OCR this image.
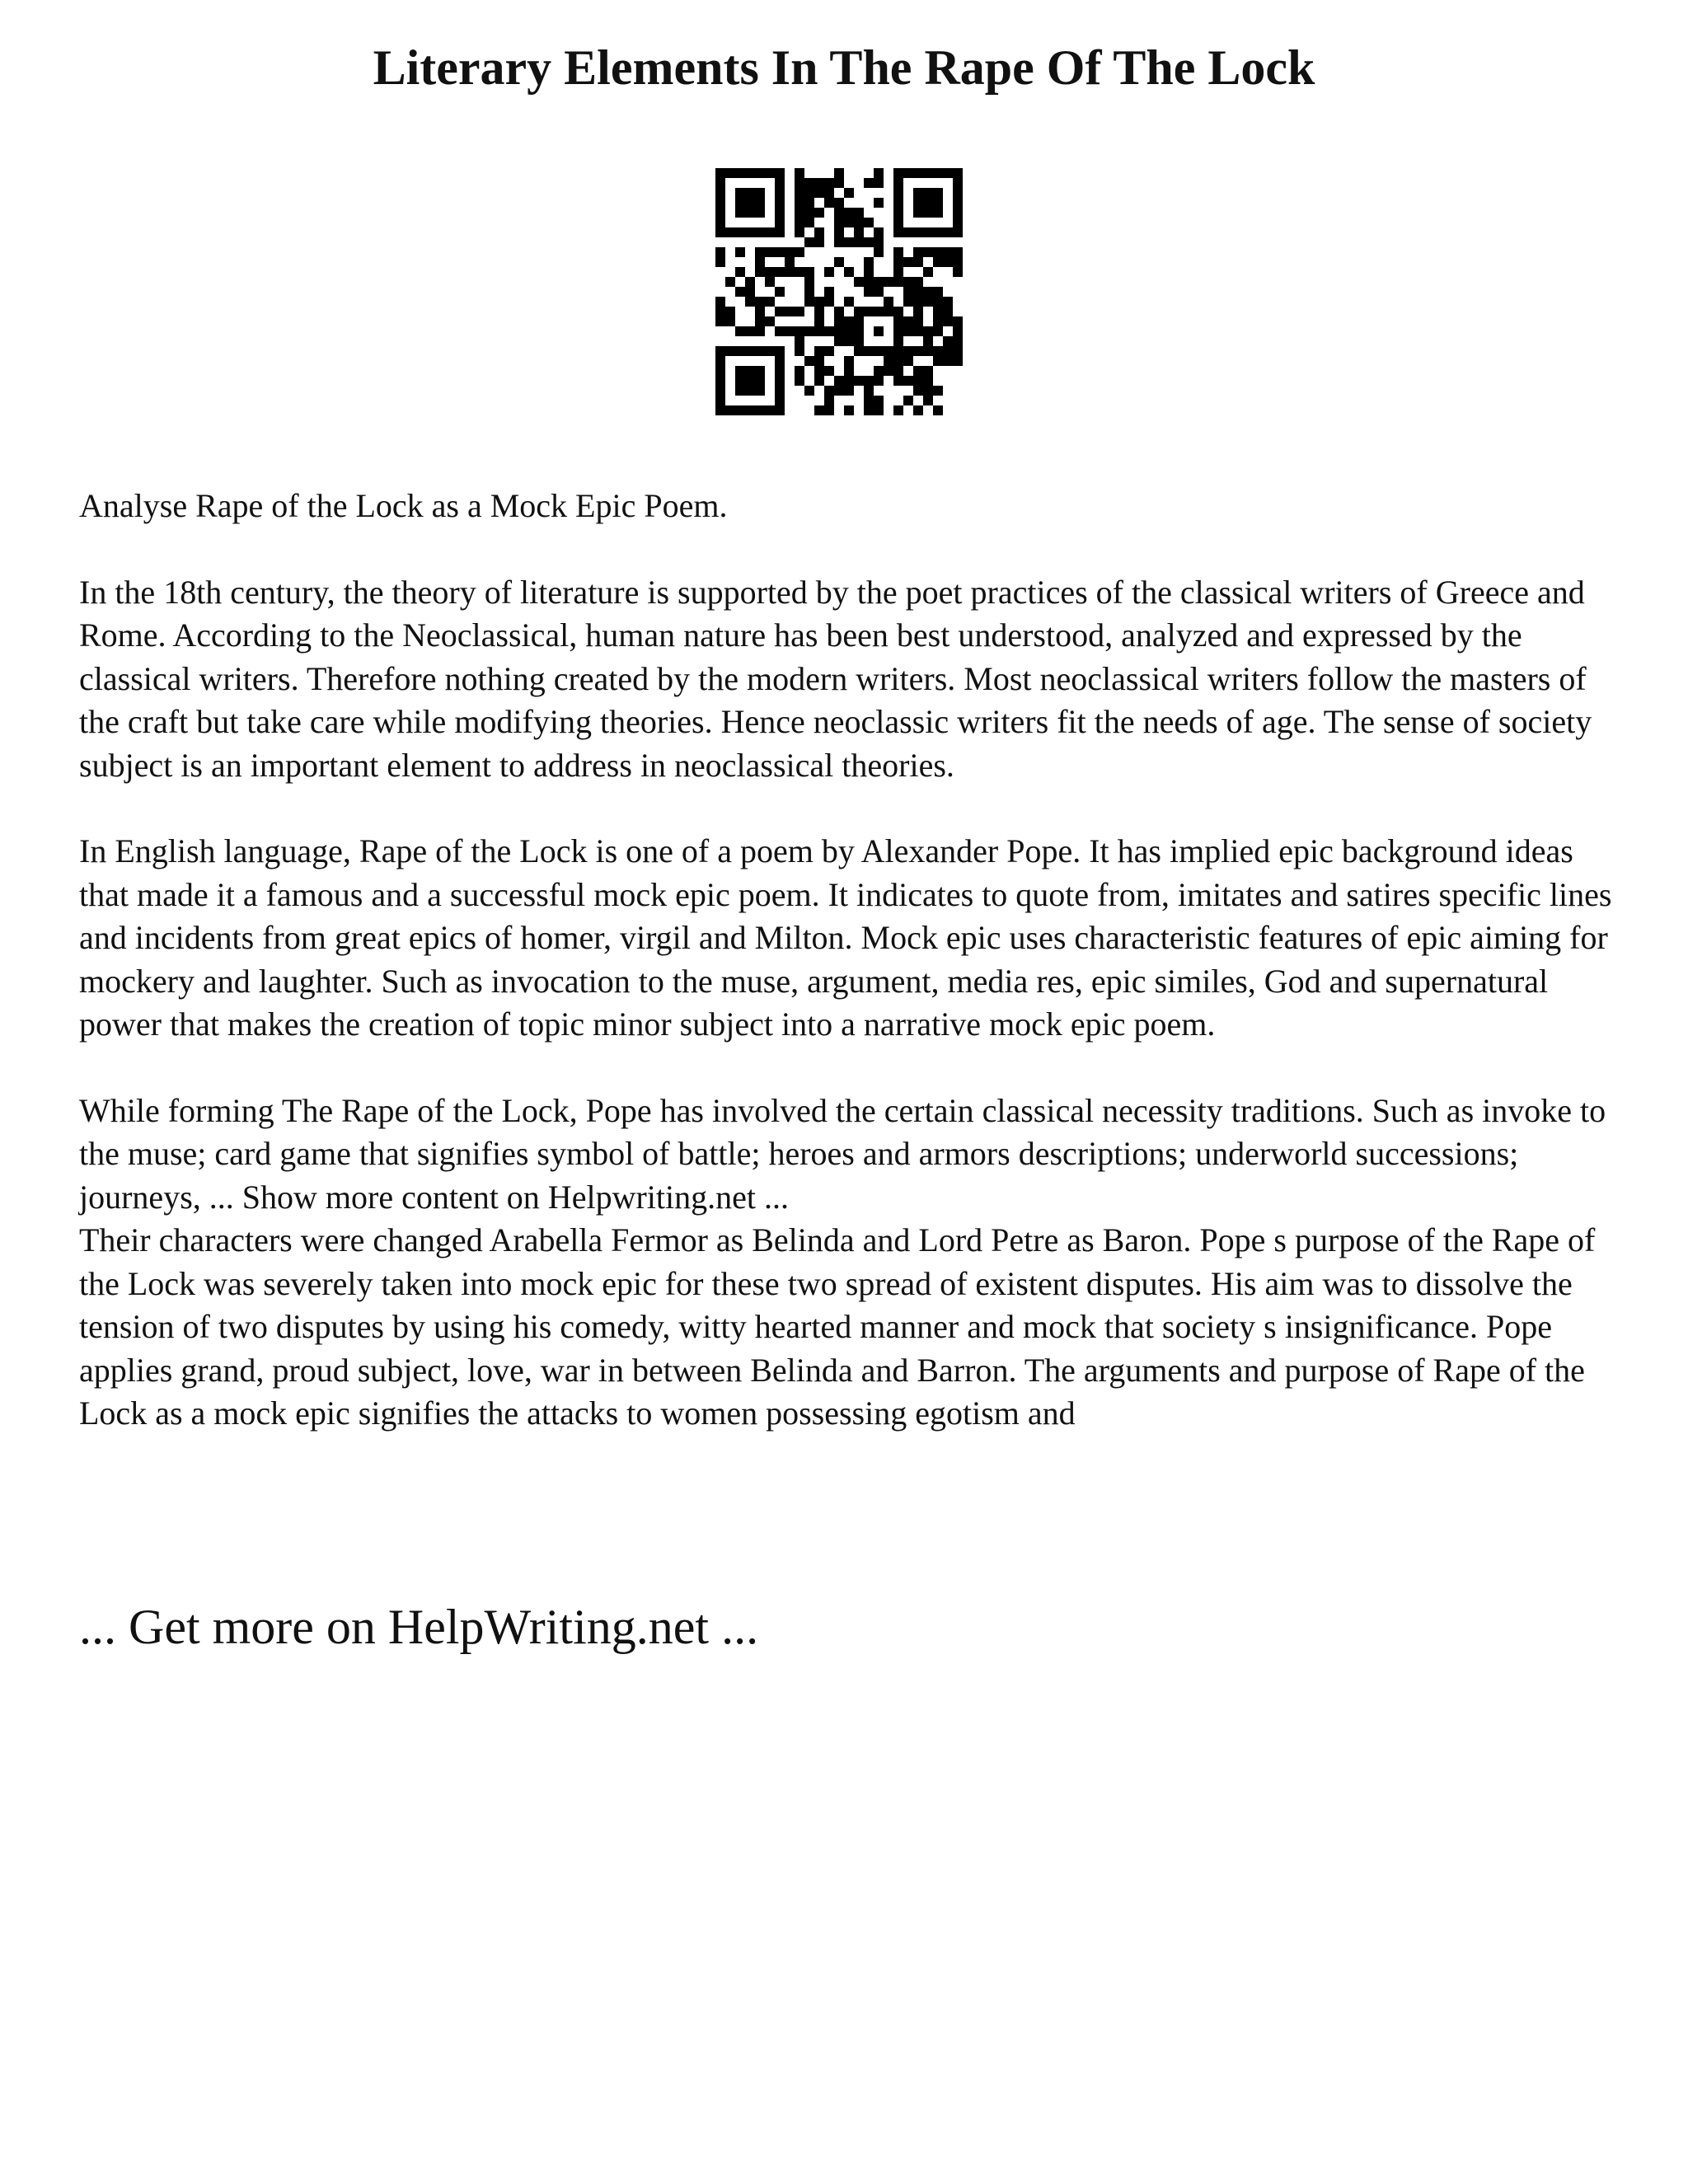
Literary Elements In The Rape Of The Lock

Analyse Rape of the Lock as a Mock Epic Poem.

In the 18th century, the theory of literature is supported by the poet practices of the classical writers of Greece and Rome. According to the Neoclassical, human nature has been best understood, analyzed and expressed by the classical writers. Therefore nothing created by the modern writers. Most neoclassical writers follow the masters of the craft but take care while modifying theories. Hence neoclassic writers fit the needs of age. The sense of society subject is an important element to address in neoclassical theories.

In English language, Rape of the Lock is one of a poem by Alexander Pope. It has implied epic background ideas that made it a famous and a successful mock epic poem. It indicates to quote from, imitates and satires specific lines and incidents from great epics of homer, virgil and Milton. Mock epic uses characteristic features of epic aiming for mockery and laughter. Such as invocation to the muse, argument, media res, epic similes, God and supernatural power that makes the creation of topic minor subject into a narrative mock epic poem.

While forming The Rape of the Lock, Pope has involved the certain classical necessity traditions. Such as invoke to the muse; card game that signifies symbol of battle; heroes and armors descriptions; underworld successions; journeys, ... Show more content on Helpwriting.net ...

Their characters were changed Arabella Fermor as Belinda and Lord Petre as Baron. Pope s purpose of the Rape of the Lock was severely taken into mock epic for these two spread of existent disputes. His aim was to dissolve the tension of two disputes by using his comedy, witty hearted manner and mock that society s insignificance. Pope applies grand, proud subject, love, war in between Belinda and Barron. The arguments and purpose of Rape of the Lock as a mock epic signifies the attacks to women possessing egotism and

... Get more on HelpWriting.net ...
